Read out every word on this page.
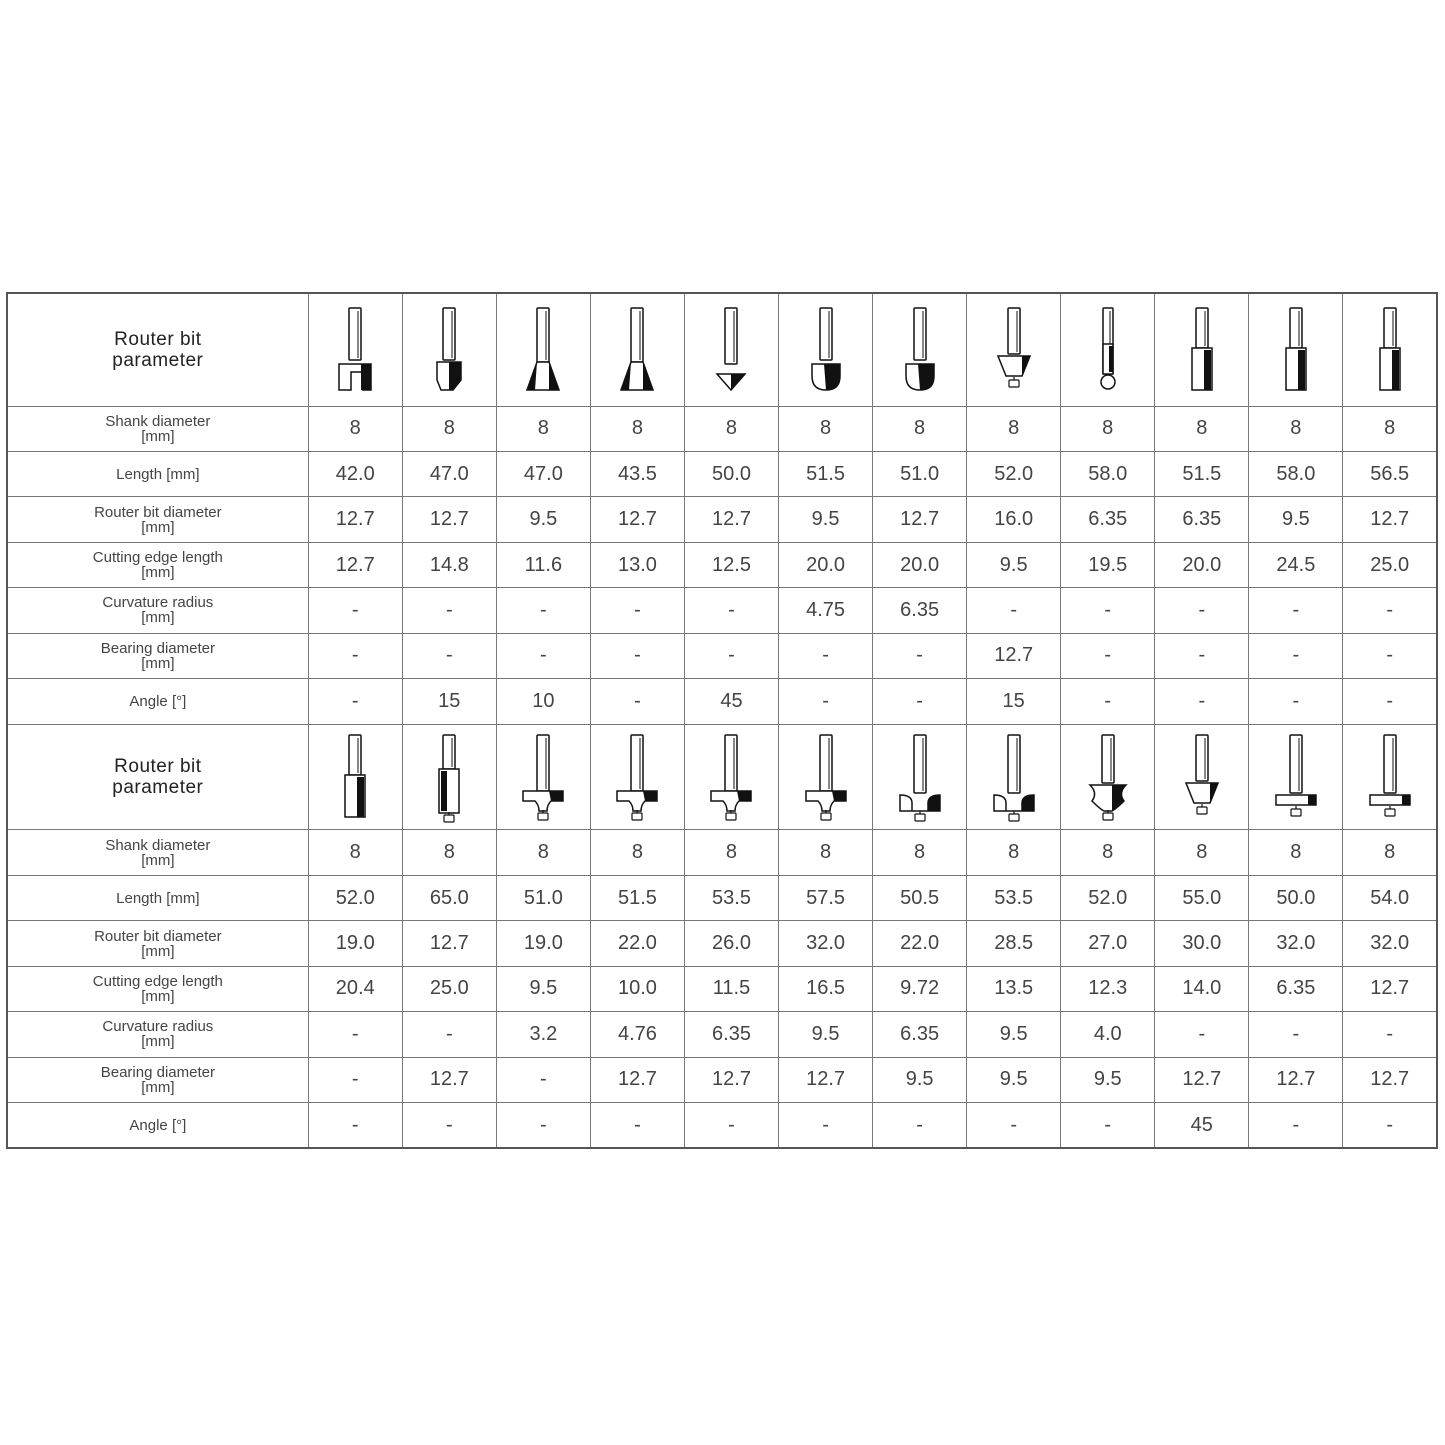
Router bit parameter

Shank diameter
[mm]	8	8	8	8	8	8	8	8	8	8	8	8

Length [mm]	42.0	47.0	47.0	43.5	50.0	51.5	51.0	52.0	58.0	51.5	58.0	56.5

Router bit diameter
[mm]	12.7	12.7	9.5	12.7	12.7	9.5	12.7	16.0	6.35	6.35	9.5	12.7

Cutting edge length
[mm]	12.7	14.8	11.6	13.0	12.5	20.0	20.0	9.5	19.5	20.0	24.5	25.0

Curvature radius
[mm]	-	-	-	-	-	4.75	6.35	-	-	-	-	-

Bearing diameter
[mm]	-	-	-	-	-	-	-	12.7	-	-	-	-

Angle [°]	-	15	10	-	45	-	-	15	-	-	-	-

Router bit parameter

Shank diameter
[mm]	8	8	8	8	8	8	8	8	8	8	8	8

Length [mm]	52.0	65.0	51.0	51.5	53.5	57.5	50.5	53.5	52.0	55.0	50.0	54.0

Router bit diameter
[mm]	19.0	12.7	19.0	22.0	26.0	32.0	22.0	28.5	27.0	30.0	32.0	32.0

Cutting edge length
[mm]	20.4	25.0	9.5	10.0	11.5	16.5	9.72	13.5	12.3	14.0	6.35	12.7

Curvature radius
[mm]	-	-	3.2	4.76	6.35	9.5	6.35	9.5	4.0	-	-	-

Bearing diameter
[mm]	-	12.7	-	12.7	12.7	12.7	9.5	9.5	9.5	12.7	12.7	12.7

Angle [°]	-	-	-	-	-	-	-	-	-	45	-	-
